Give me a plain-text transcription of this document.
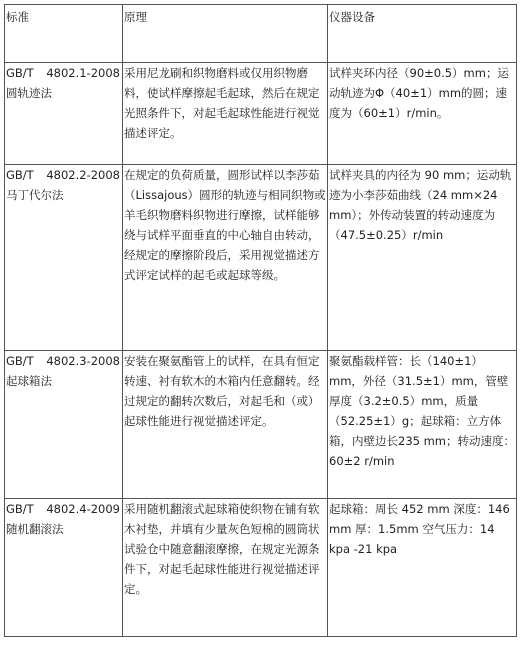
标准	原理	仪器设备

GB/T 4802.1-2008
圆轨迹法	采用尼龙刷和织物磨料或仅用织物磨料，使试样摩擦起毛起球，然后在规定光照条件下，对起毛起球性能进行视觉描述评定。	试样夹环内径（90±0.5）mm；运动轨迹为Φ（40±1）mm的圆；速度为（60±1）r/min。

GB/T 4802.2-2008
马丁代尔法	在规定的负荷质量，圆形试样以李莎茹（Lissajous）圆形的轨迹与相同织物或羊毛织物磨料织物进行摩擦，试样能够绕与试样平面垂直的中心轴自由转动，经规定的摩擦阶段后，采用视觉描述方式评定试样的起毛或起球等级。	试样夹具的内径为 90 mm；运动轨迹为小李莎茹曲线（24 mm×24 mm）；外传动装置的转动速度为（47.5±0.25）r/min

GB/T 4802.3-2008
起球箱法	安装在聚氨酯管上的试样，在具有恒定转速、衬有软木的木箱内任意翻转。经过规定的翻转次数后，对起毛和（或）起球性能进行视觉描述评定。	聚氨酯载样管：长（140±1）mm，外径（31.5±1）mm，管壁厚度（3.2±0.5）mm，质量（52.25±1）g；起球箱：立方体箱，内壁边长235 mm；转动速度：60±2 r/min

GB/T 4802.4-2009
随机翻滚法	采用随机翻滚式起球箱使织物在铺有软木衬垫，并填有少量灰色短棉的圆筒状试验仓中随意翻滚摩擦，在规定光源条件下，对起毛起球性能进行视觉描述评定。	起球箱：周长 452 mm 深度：146 mm 厚：1.5mm 空气压力：14 kpa -21 kpa
